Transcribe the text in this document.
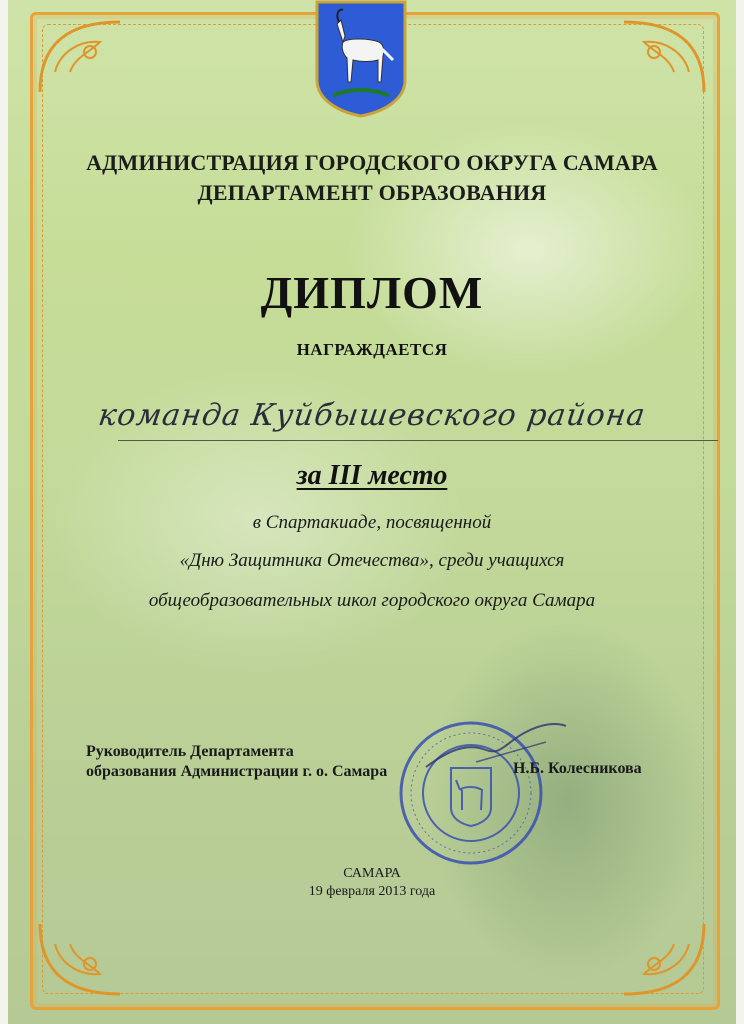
АДМИНИСТРАЦИЯ ГОРОДСКОГО ОКРУГА САМАРА
ДЕПАРТАМЕНТ ОБРАЗОВАНИЯ
ДИПЛОМ
НАГРАЖДАЕТСЯ
команда Куйбышевского района
за III место
в Спартакиаде, посвященной
«Дню Защитника Отечества», среди учащихся
общеобразовательных школ городского округа Самара
Руководитель Департамента
образования Администрации г. о. Самара	Н.Б. Колесникова
САМАРА
19 февраля 2013 года
